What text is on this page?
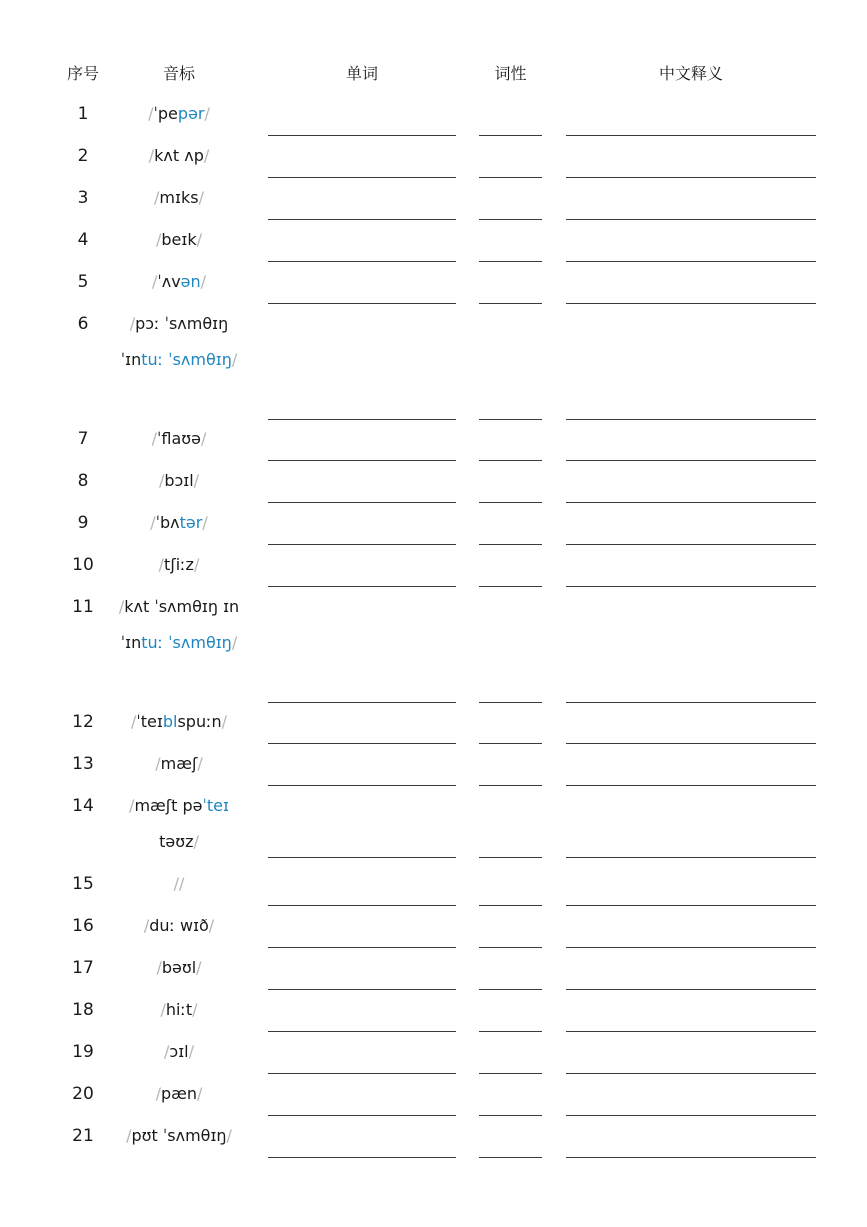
序号	音标	单词	词性	中文释义
1	/ˈpepər/
2	/kʌt ʌp/
3	/mɪks/
4	/beɪk/
5	/ˈʌvən/
6	/pɔː ˈsʌmθɪŋ ˈɪntuː ˈsʌmθɪŋ/
7	/ˈflaʊə/
8	/bɔɪl/
9	/ˈbʌtər/
10	/tʃiːz/
11	/kʌt ˈsʌmθɪŋ ɪn ˈɪntuː ˈsʌmθɪŋ/
12	/ˈteɪblspuːn/
13	/mæʃ/
14	/mæʃt pəˈteɪ təʊz/
15	//
16	/duː wɪð/
17	/bəʊl/
18	/hiːt/
19	/ɔɪl/
20	/pæn/
21	/pʊt ˈsʌmθɪŋ/
